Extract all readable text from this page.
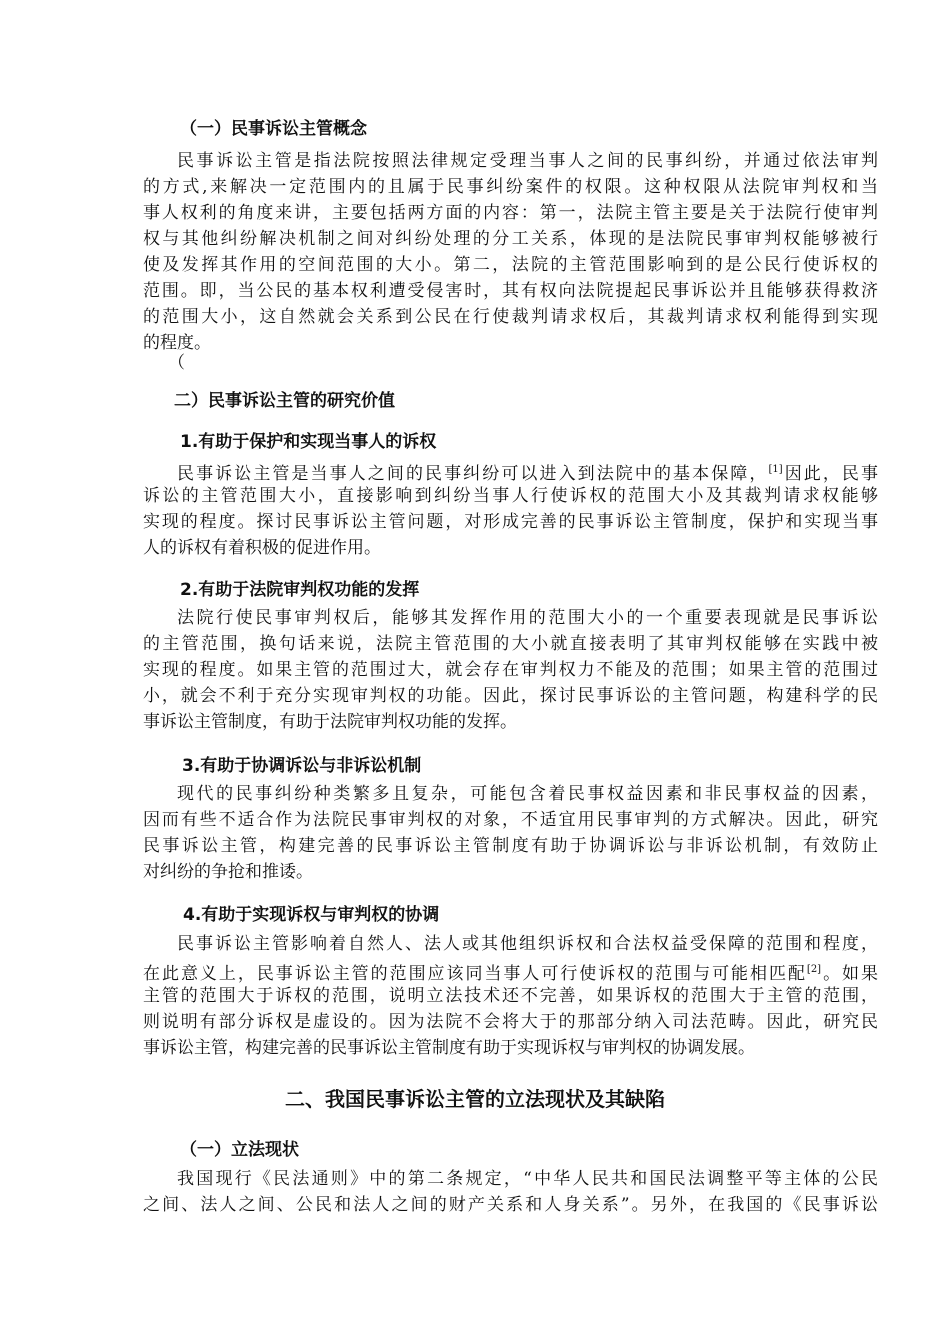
（一）民事诉讼主管概念
民事诉讼主管是指法院按照法律规定受理当事人之间的民事纠纷，并通过依法审判
的方式,来解决一定范围内的且属于民事纠纷案件的权限。这种权限从法院审判权和当
事人权利的角度来讲，主要包括两方面的内容：第一，法院主管主要是关于法院行使审判
权与其他纠纷解决机制之间对纠纷处理的分工关系，体现的是法院民事审判权能够被行
使及发挥其作用的空间范围的大小。第二，法院的主管范围影响到的是公民行使诉权的
范围。即，当公民的基本权利遭受侵害时，其有权向法院提起民事诉讼并且能够获得救济
的范围大小，这自然就会关系到公民在行使裁判请求权后，其裁判请求权利能得到实现
的程度。
（
二）民事诉讼主管的研究价值
1.有助于保护和实现当事人的诉权
民事诉讼主管是当事人之间的民事纠纷可以进入到法院中的基本保障，[1]因此，民事
诉讼的主管范围大小，直接影响到纠纷当事人行使诉权的范围大小及其裁判请求权能够
实现的程度。探讨民事诉讼主管问题，对形成完善的民事诉讼主管制度，保护和实现当事
人的诉权有着积极的促进作用。
2.有助于法院审判权功能的发挥
法院行使民事审判权后，能够其发挥作用的范围大小的一个重要表现就是民事诉讼
的主管范围，换句话来说，法院主管范围的大小就直接表明了其审判权能够在实践中被
实现的程度。如果主管的范围过大，就会存在审判权力不能及的范围；如果主管的范围过
小，就会不利于充分实现审判权的功能。因此，探讨民事诉讼的主管问题，构建科学的民
事诉讼主管制度，有助于法院审判权功能的发挥。
3.有助于协调诉讼与非诉讼机制
现代的民事纠纷种类繁多且复杂，可能包含着民事权益因素和非民事权益的因素，
因而有些不适合作为法院民事审判权的对象，不适宜用民事审判的方式解决。因此，研究
民事诉讼主管，构建完善的民事诉讼主管制度有助于协调诉讼与非诉讼机制，有效防止
对纠纷的争抢和推诿。
4.有助于实现诉权与审判权的协调
民事诉讼主管影响着自然人、法人或其他组织诉权和合法权益受保障的范围和程度，
在此意义上，民事诉讼主管的范围应该同当事人可行使诉权的范围与可能相匹配[2]。如果
主管的范围大于诉权的范围，说明立法技术还不完善，如果诉权的范围大于主管的范围，
则说明有部分诉权是虚设的。因为法院不会将大于的那部分纳入司法范畴。因此，研究民
事诉讼主管，构建完善的民事诉讼主管制度有助于实现诉权与审判权的协调发展。
二、我国民事诉讼主管的立法现状及其缺陷
（一）立法现状
我国现行《民法通则》中的第二条规定，“中华人民共和国民法调整平等主体的公民
之间、法人之间、公民和法人之间的财产关系和人身关系”。另外，在我国的《民事诉讼
